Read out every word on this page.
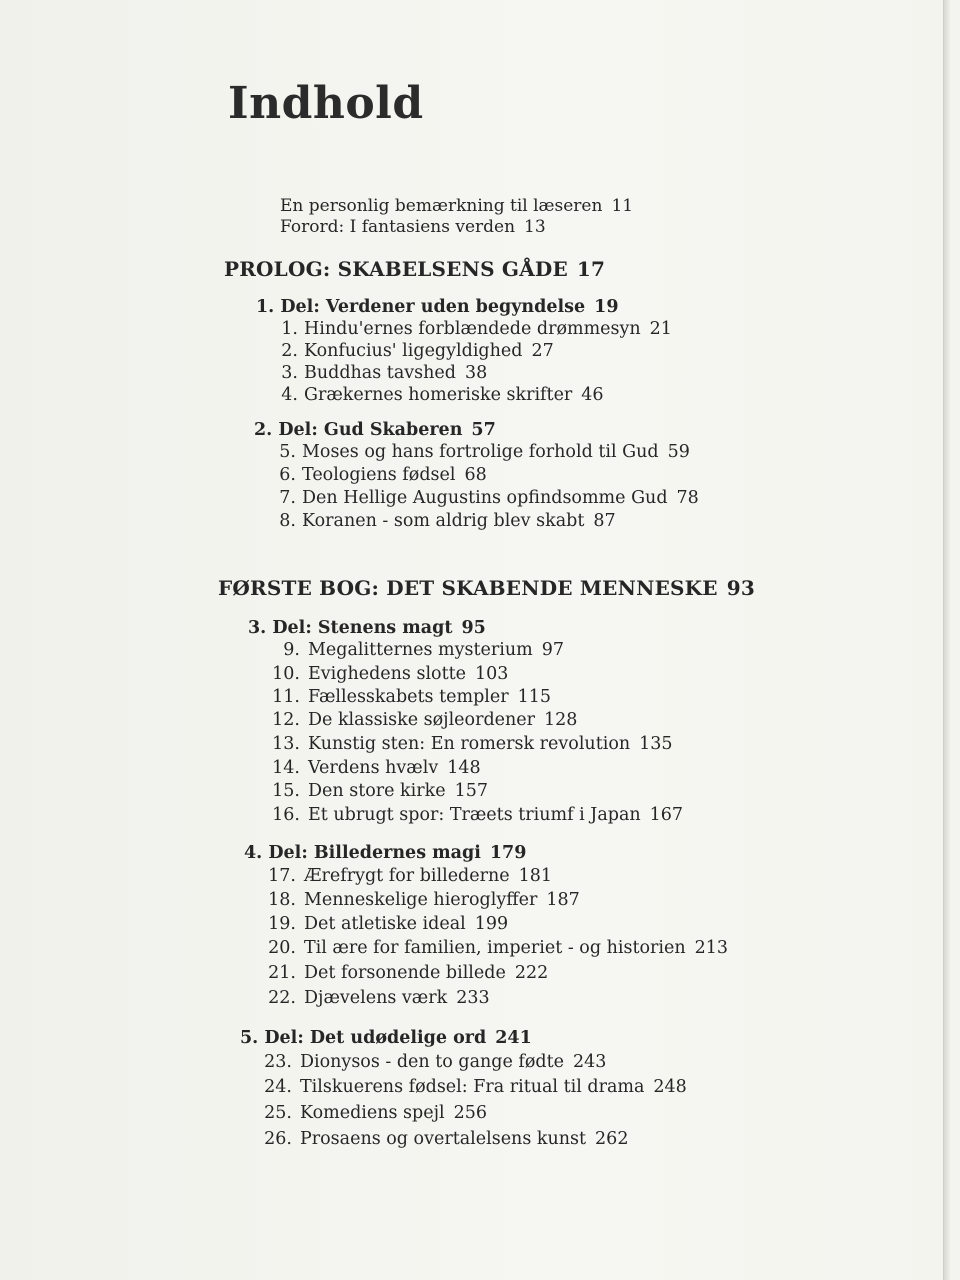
Indhold
En personlig bemærkning til læseren 11
Forord: I fantasiens verden 13
PROLOG: SKABELSENS GÅDE 17
1. Del: Verdener uden begyndelse 19
1. Hindu'ernes forblændede drømmesyn 21
2. Konfucius' ligegyldighed 27
3. Buddhas tavshed 38
4. Grækernes homeriske skrifter 46
2. Del: Gud Skaberen 57
5. Moses og hans fortrolige forhold til Gud 59
6. Teologiens fødsel 68
7. Den Hellige Augustins opfindsomme Gud 78
8. Koranen - som aldrig blev skabt 87
FØRSTE BOG: DET SKABENDE MENNESKE 93
3. Del: Stenens magt 95
9. Megalitternes mysterium 97
10. Evighedens slotte 103
11. Fællesskabets templer 115
12. De klassiske søjleordener 128
13. Kunstig sten: En romersk revolution 135
14. Verdens hvælv 148
15. Den store kirke 157
16. Et ubrugt spor: Træets triumf i Japan 167
4. Del: Billedernes magi 179
17. Ærefrygt for billederne 181
18. Menneskelige hieroglyffer 187
19. Det atletiske ideal 199
20. Til ære for familien, imperiet - og historien 213
21. Det forsonende billede 222
22. Djævelens værk 233
5. Del: Det udødelige ord 241
23. Dionysos - den to gange fødte 243
24. Tilskuerens fødsel: Fra ritual til drama 248
25. Komediens spejl 256
26. Prosaens og overtalelsens kunst 262
